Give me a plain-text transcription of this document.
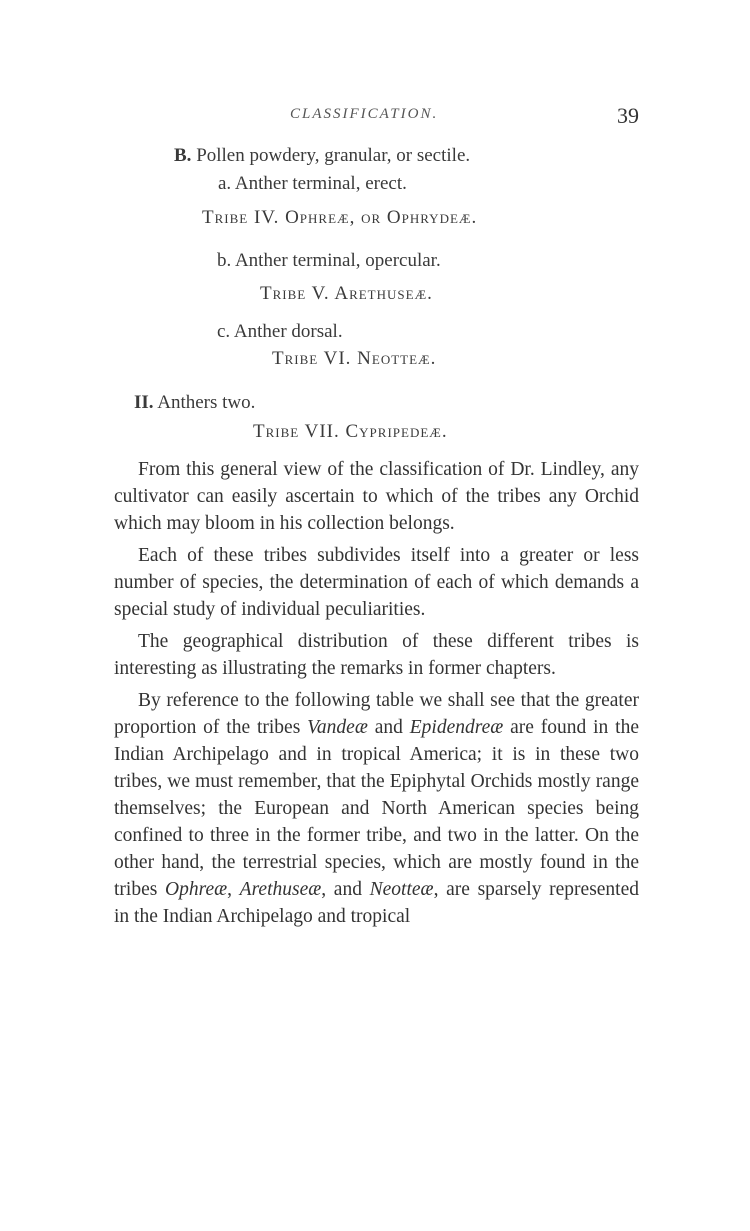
CLASSIFICATION.	39
B. Pollen powdery, granular, or sectile.
a. Anther terminal, erect.
Tribe IV. Ophreæ, or Ophrydeæ.
b. Anther terminal, opercular.
Tribe V. Arethuseæ.
c. Anther dorsal.
Tribe VI. Neotteæ.
II. Anthers two.
Tribe VII. Cypripedeæ.

From this general view of the classification of Dr. Lindley, any cultivator can easily ascertain to which of the tribes any Orchid which may bloom in his collection belongs.

Each of these tribes subdivides itself into a greater or less number of species, the determination of each of which demands a special study of individual peculiarities.

The geographical distribution of these different tribes is interesting as illustrating the remarks in former chapters.

By reference to the following table we shall see that the greater proportion of the tribes Vandeæ and Epidendreæ are found in the Indian Archipelago and in tropical America; it is in these two tribes, we must remember, that the Epiphytal Orchids mostly range themselves; the European and North American species being confined to three in the former tribe, and two in the latter. On the other hand, the terrestrial species, which are mostly found in the tribes Ophreæ, Arethuseæ, and Neotteæ, are sparsely represented in the Indian Archipelago and tropical
